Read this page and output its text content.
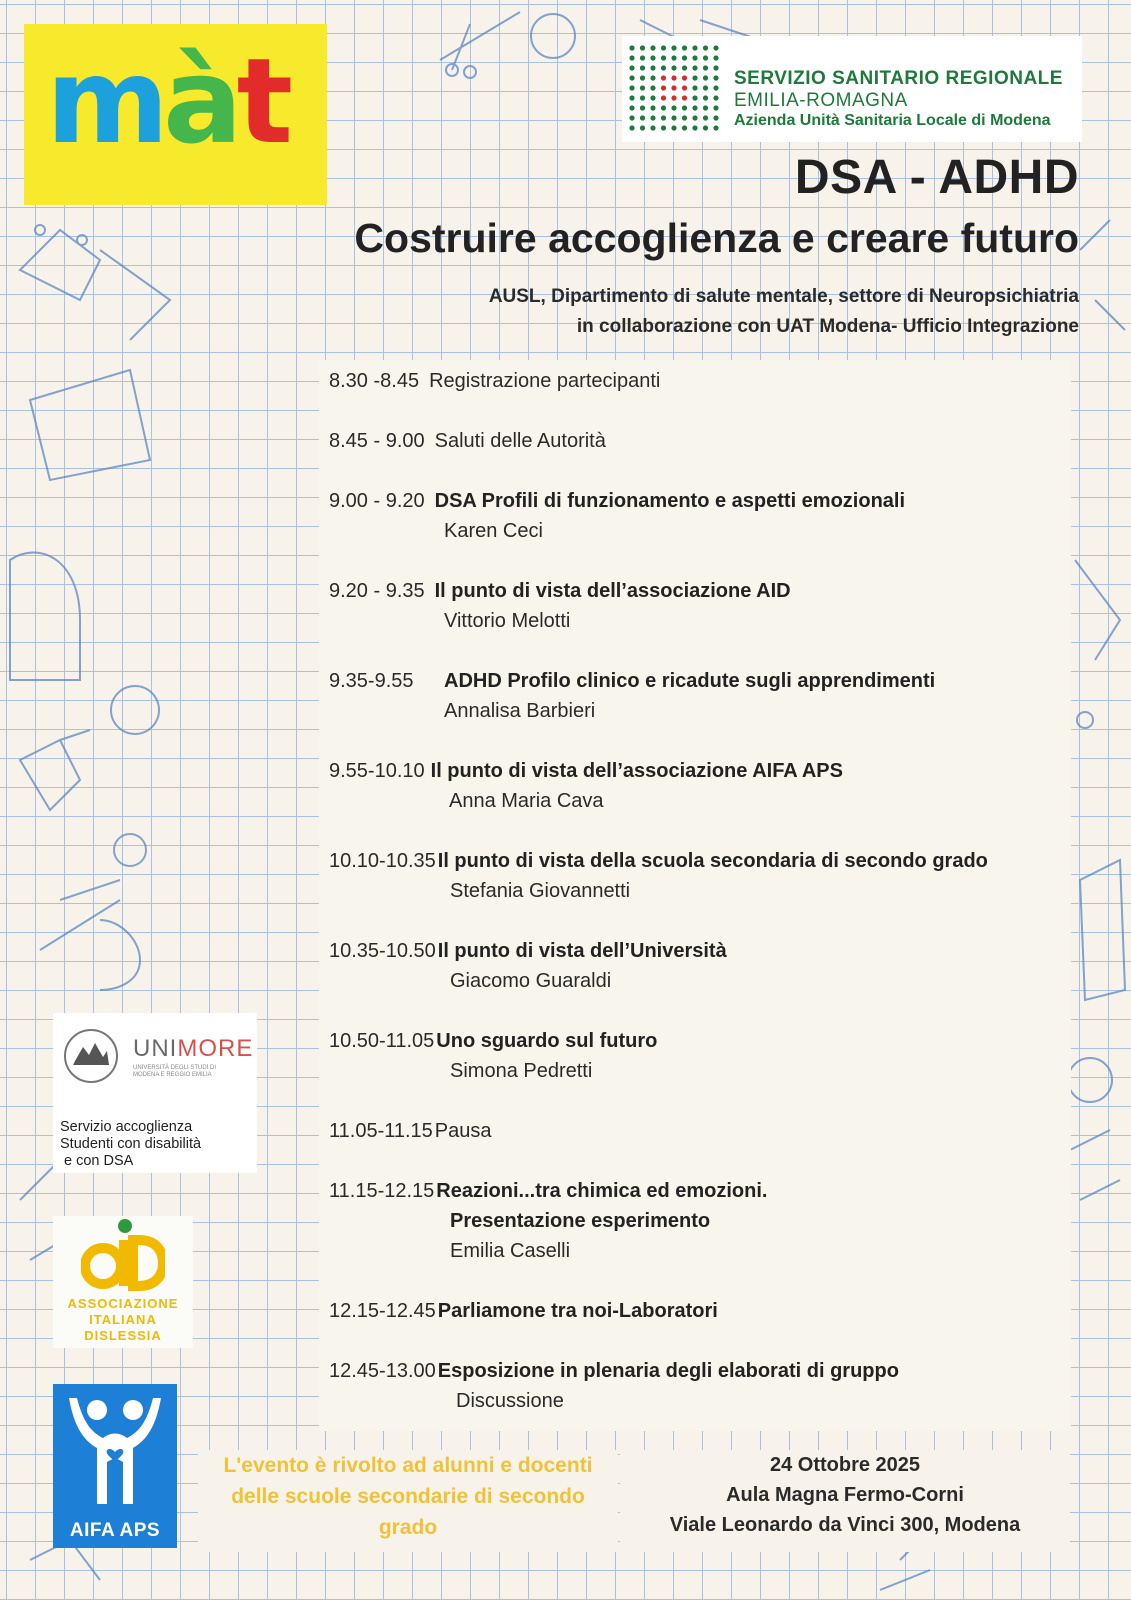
màt	SERVIZIO SANITARIO REGIONALE
EMILIA-ROMAGNA
Azienda Unità Sanitaria Locale di Modena
DSA - ADHD
Costruire accoglienza e creare futuro
AUSL, Dipartimento di salute mentale, settore di Neuropsichiatria
in collaborazione con UAT Modena- Ufficio Integrazione
8.30 -8.45 Registrazione partecipanti
8.45 - 9.00 Saluti delle Autorità
9.00 - 9.20 DSA Profili di funzionamento e aspetti emozionali
Karen Ceci
9.20 - 9.35 Il punto di vista dell’associazione AID
Vittorio Melotti
9.35-9.55 ADHD Profilo clinico e ricadute sugli apprendimenti
Annalisa Barbieri
9.55-10.10 Il punto di vista dell’associazione AIFA APS
Anna Maria Cava
10.10-10.35 Il punto di vista della scuola secondaria di secondo grado
Stefania Giovannetti
10.35-10.50 Il punto di vista dell’Università
Giacomo Guaraldi
10.50-11.05 Uno sguardo sul futuro
Simona Pedretti
11.05-11.15 Pausa
11.15-12.15 Reazioni...tra chimica ed emozioni.
Presentazione esperimento
Emilia Caselli
12.15-12.45 Parliamone tra noi-Laboratori
12.45-13.00 Esposizione in plenaria degli elaborati di gruppo
Discussione
UNIMORE
UNIVERSITÀ DEGLI STUDI DI MODENA E REGGIO EMILIA
Servizio accoglienza
Studenti con disabilità
e con DSA
ASSOCIAZIONE
ITALIANA
DISLESSIA
AIFA APS
L'evento è rivolto ad alunni e docenti
delle scuole secondarie di secondo
grado
24 Ottobre 2025
Aula Magna Fermo-Corni
Viale Leonardo da Vinci 300, Modena
